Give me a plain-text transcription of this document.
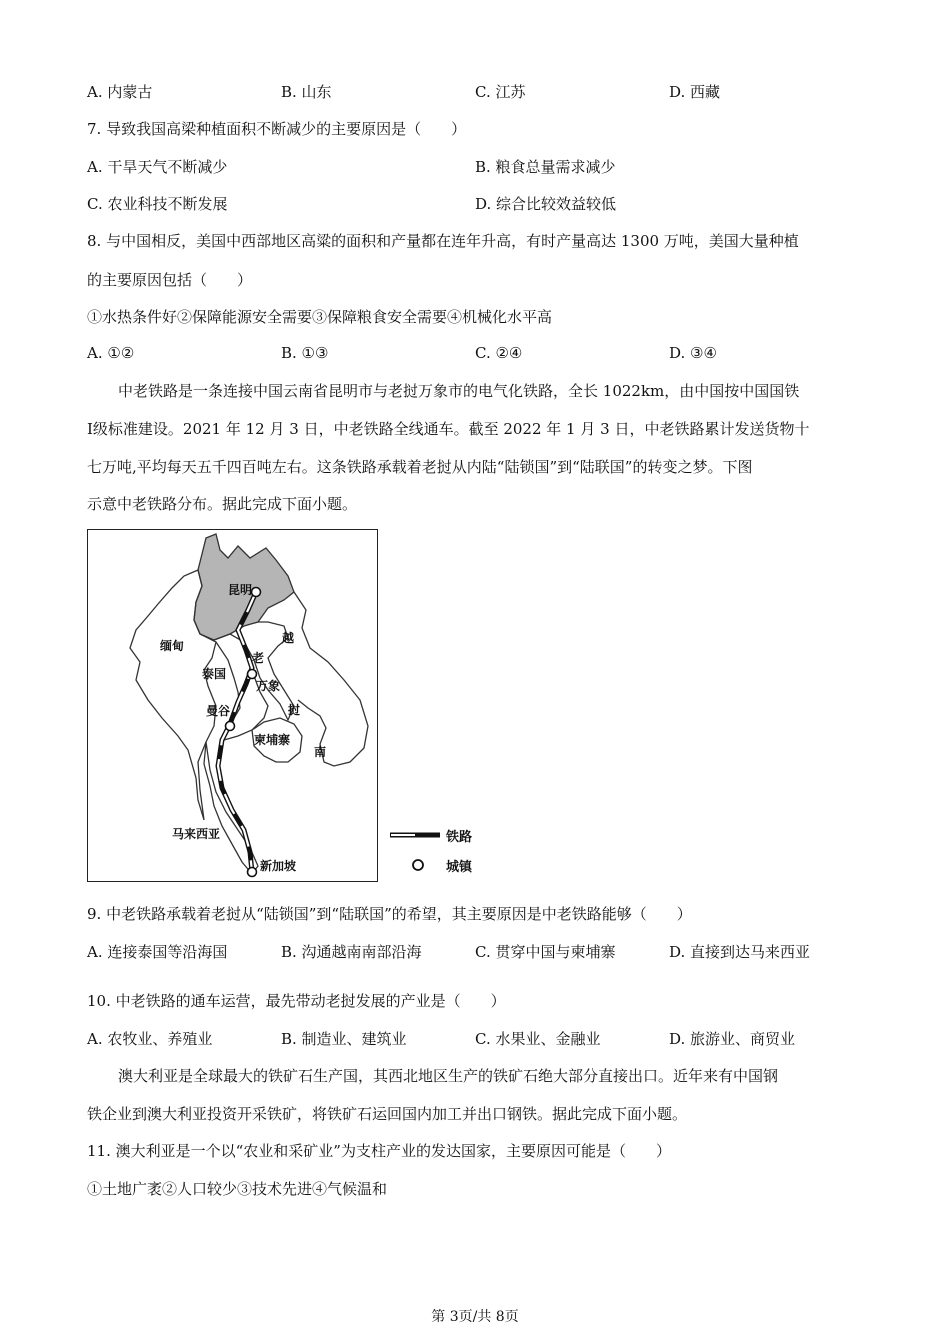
A. 内蒙古	B. 山东	C. 江苏	D. 西藏
7. 导致我国高梁种植面积不断减少的主要原因是（　　）
A. 干旱天气不断减少	B. 粮食总量需求减少
C. 农业科技不断发展	D. 综合比较效益较低
8. 与中国相反，美国中西部地区高粱的面积和产量都在连年升高，有时产量高达 1300 万吨，美国大量种植
的主要原因包括（　　）
①水热条件好②保障能源安全需要③保障粮食安全需要④机械化水平高
A. ①②	B. ①③	C. ②④	D. ③④
中老铁路是一条连接中国云南省昆明市与老挝万象市的电气化铁路，全长 1022km，由中国按中国国铁
Ⅰ级标准建设。2021 年 12 月 3 日，中老铁路全线通车。截至 2022 年 1 月 3 日，中老铁路累计发送货物十
七万吨,平均每天五千四百吨左右。这条铁路承载着老挝从内陆“陆锁国”到“陆联国”的转变之梦。下图
示意中老铁路分布。据此完成下面小题。
昆明
缅甸
越
老
泰国
万象
曼谷	挝
柬埔寨
南
马来西亚
新加坡
铁路
城镇
9. 中老铁路承载着老挝从“陆锁国”到“陆联国”的希望，其主要原因是中老铁路能够（　　）
A. 连接泰国等沿海国	B. 沟通越南南部沿海	C. 贯穿中国与柬埔寨	D. 直接到达马来西亚
10. 中老铁路的通车运营，最先带动老挝发展的产业是（　　）
A. 农牧业、养殖业	B. 制造业、建筑业	C. 水果业、金融业	D. 旅游业、商贸业
澳大利亚是全球最大的铁矿石生产国，其西北地区生产的铁矿石绝大部分直接出口。近年来有中国钢
铁企业到澳大利亚投资开采铁矿，将铁矿石运回国内加工并出口钢铁。据此完成下面小题。
11. 澳大利亚是一个以“农业和采矿业”为支柱产业的发达国家，主要原因可能是（　　）
①土地广袤②人口较少③技术先进④气候温和
第 3页/共 8页
